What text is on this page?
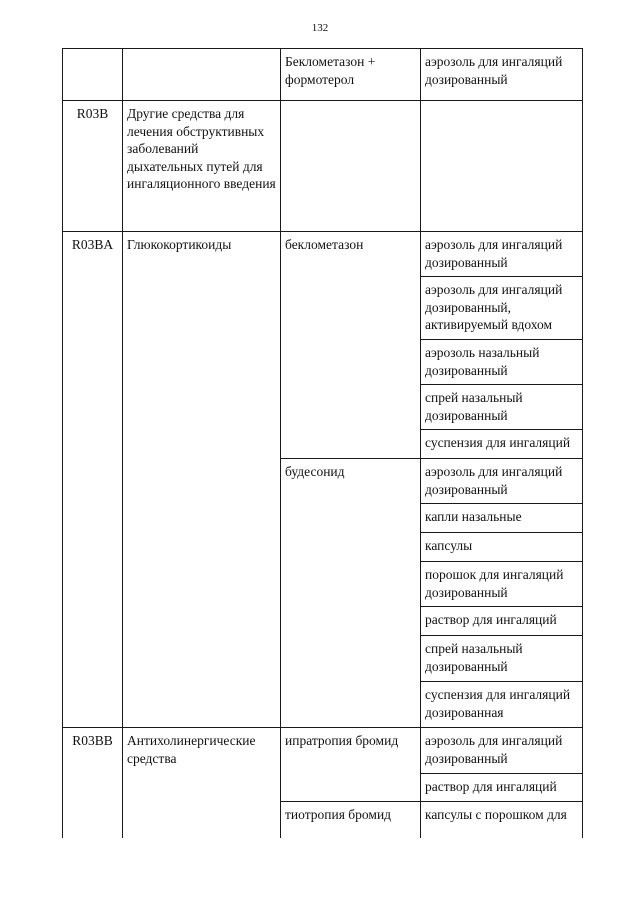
132
		Беклометазон + формотерол	аэрозоль для ингаляций дозированный
R03B	Другие средства для лечения обструктивных заболеваний дыхательных путей для ингаляционного введения		
R03BA	Глюкокортикоиды	беклометазон	аэрозоль для ингаляций дозированный
			аэрозоль для ингаляций дозированный, активируемый вдохом
			аэрозоль назальный дозированный
			спрей назальный дозированный
			суспензия для ингаляций
		будесонид	аэрозоль для ингаляций дозированный
			капли назальные
			капсулы
			порошок для ингаляций дозированный
			раствор для ингаляций
			спрей назальный дозированный
			суспензия для ингаляций дозированная
R03BB	Антихолинергические средства	ипратропия бромид	аэрозоль для ингаляций дозированный
			раствор для ингаляций
		тиотропия бромид	капсулы с порошком для
